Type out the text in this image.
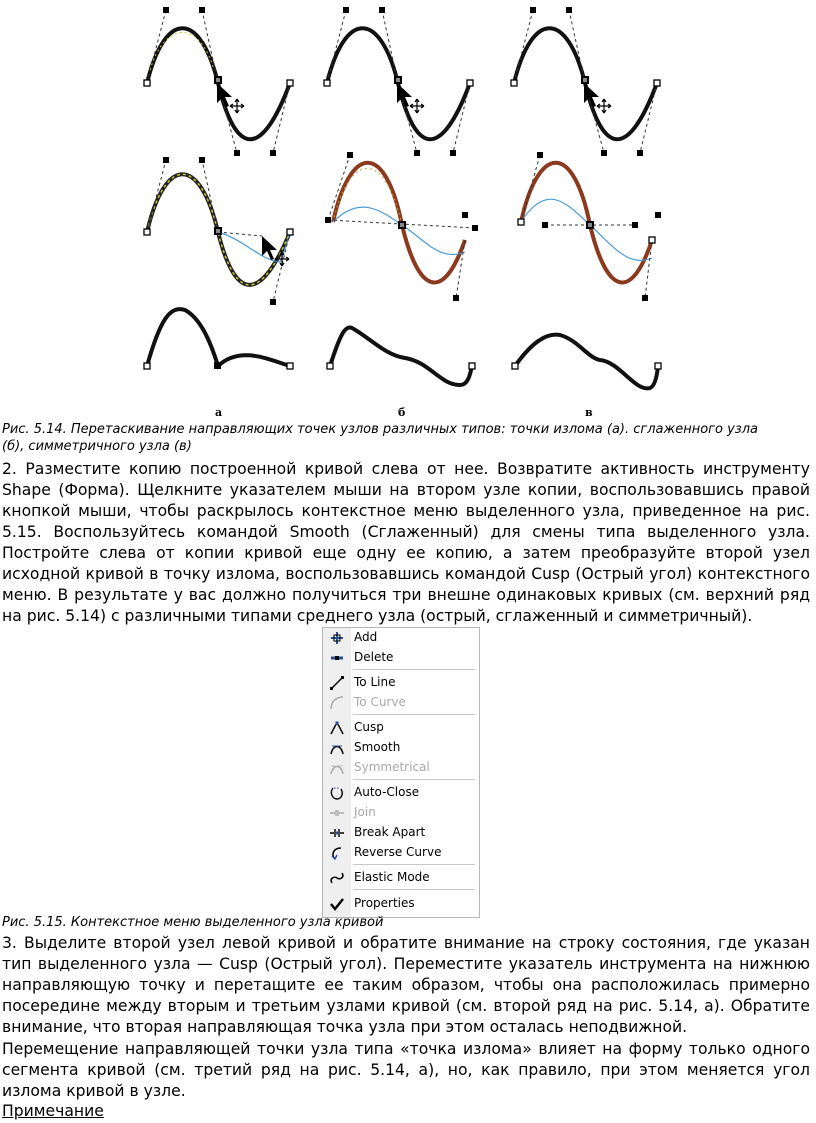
а	б	в
Рис. 5.14. Перетаскивание направляющих точек узлов различных типов: точки излома (а). сглаженного узла
(б), симметричного узла (в)
2. Разместите копию построенной кривой слева от нее. Возвратите активность инструменту
Shape (Форма). Щелкните указателем мыши на втором узле копии, воспользовавшись правой
кнопкой мыши, чтобы раскрылось контекстное меню выделенного узла, приведенное на рис.
5.15. Воспользуйтесь командой Smooth (Сглаженный) для смены типа выделенного узла.
Постройте слева от копии кривой еще одну ее копию, а затем преобразуйте второй узел
исходной кривой в точку излома, воспользовавшись командой Cusp (Острый угол) контекстного
меню. В результате у вас должно получиться три внешне одинаковых кривых (см. верхний ряд
на рис. 5.14) с различными типами среднего узла (острый, сглаженный и симметричный).
Add
Delete
To Line
To Curve
Cusp
Smooth
Symmetrical
Auto-Close
Join
Break Apart
Reverse Curve
Elastic Mode
Properties
Рис. 5.15. Контекстное меню выделенного узла кривой
3. Выделите второй узел левой кривой и обратите внимание на строку состояния, где указан
тип выделенного узла — Cusp (Острый угол). Переместите указатель инструмента на нижнюю
направляющую точку и перетащите ее таким образом, чтобы она расположилась примерно
посередине между вторым и третьим узлами кривой (см. второй ряд на рис. 5.14, а). Обратите
внимание, что вторая направляющая точка узла при этом осталась неподвижной.
Перемещение направляющей точки узла типа «точка излома» влияет на форму только одного
сегмента кривой (см. третий ряд на рис. 5.14, а), но, как правило, при этом меняется угол
излома кривой в узле.
Примечание
